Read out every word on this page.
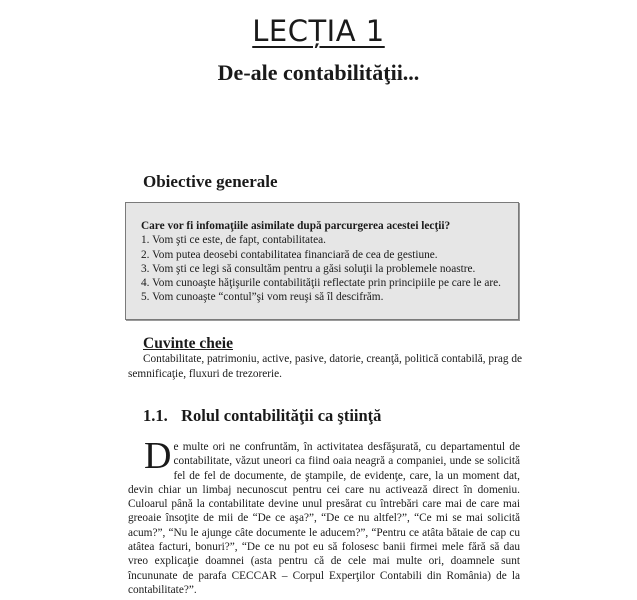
LECȚIA 1
De-ale contabilităţii...
Obiective generale
Care vor fi infomaţiile asimilate după parcurgerea acestei lecţii?
1. Vom şti ce este, de fapt, contabilitatea.
2. Vom putea deosebi contabilitatea financiară de cea de gestiune.
3. Vom şti ce legi să consultăm pentru a găsi soluţii la problemele noastre.
4. Vom cunoaşte hăţişurile contabilităţii reflectate prin principiile pe care le are.
5. Vom cunoaşte “contul”şi vom reuşi să îl descifrăm.
Cuvinte cheie
Contabilitate, patrimoniu, active, pasive, datorie, creanţă, politică contabilă, prag de semnificaţie, fluxuri de trezorerie.
1.1. Rolul contabilităţii ca ştiinţă
D e multe ori ne confruntăm, în activitatea desfăşurată, cu departamentul de contabilitate, văzut uneori ca fiind oaia neagră a companiei, unde se solicită fel de fel de documente, de ştampile, de evidenţe, care, la un moment dat, devin chiar un limbaj necunoscut pentru cei care nu activează direct în domeniu. Culoarul până la contabilitate devine unul presărat cu întrebări care mai de care mai greoaie însoţite de mii de “De ce aşa?”, “De ce nu altfel?”, “Ce mi se mai solicită acum?”, “Nu le ajunge câte documente le aducem?”, “Pentru ce atâta bătaie de cap cu atâtea facturi, bonuri?”, “De ce nu pot eu să folosesc banii firmei mele fără să dau vreo explicaţie doamnei (asta pentru că de cele mai multe ori, doamnele sunt încununate de parafa CECCAR – Corpul Experţilor Contabili din România) de la contabilitate?”.
